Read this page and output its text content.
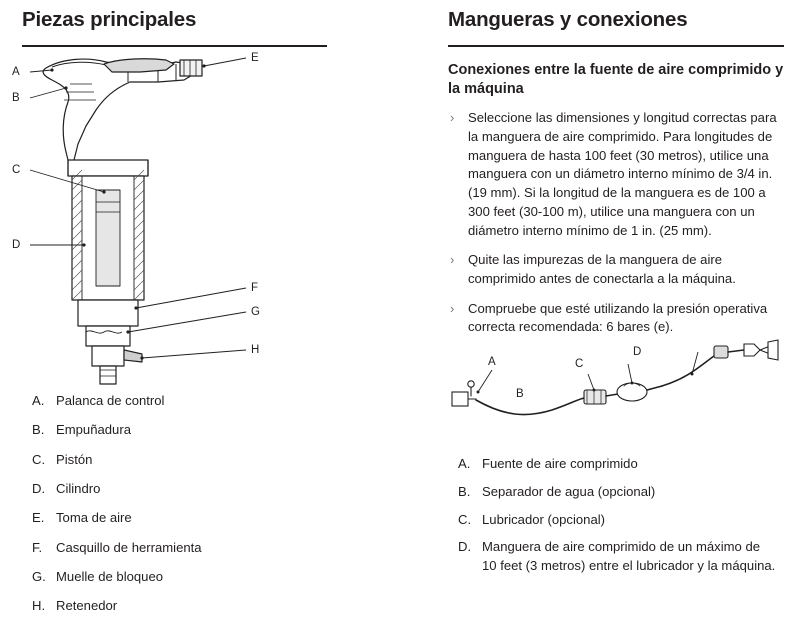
Piezas principales
A
B
C
D
E
F
G
H
A. Palanca de control
B. Empuñadura
C. Pistón
D. Cilindro
E. Toma de aire
F.	Casquillo de herramienta
G. Muelle de bloqueo
H. Retenedor
Mangueras y conexiones
Conexiones entre la fuente de aire comprimido y la máquina
› Seleccione las dimensiones y longitud correctas para la manguera de aire comprimido. Para longitudes de manguera de hasta 100 feet (30 metros), utilice una manguera con un diámetro interno mínimo de 3/4 in. (19 mm). Si la longitud de la manguera es de 100 a 300 feet (30-100 m), utilice una manguera con un diámetro interno mínimo de 1 in. (25 mm).
› Quite las impurezas de la manguera de aire comprimido antes de conectarla a la máquina.
› Compruebe que esté utilizando la presión operativa correcta recomendada: 6 bares (e).
A
B
C
D
A. Fuente de aire comprimido
B. Separador de agua (opcional)
C. Lubricador (opcional)
D. Manguera de aire comprimido de un máximo de 10 feet (3 metros) entre el lubricador y la máquina.
